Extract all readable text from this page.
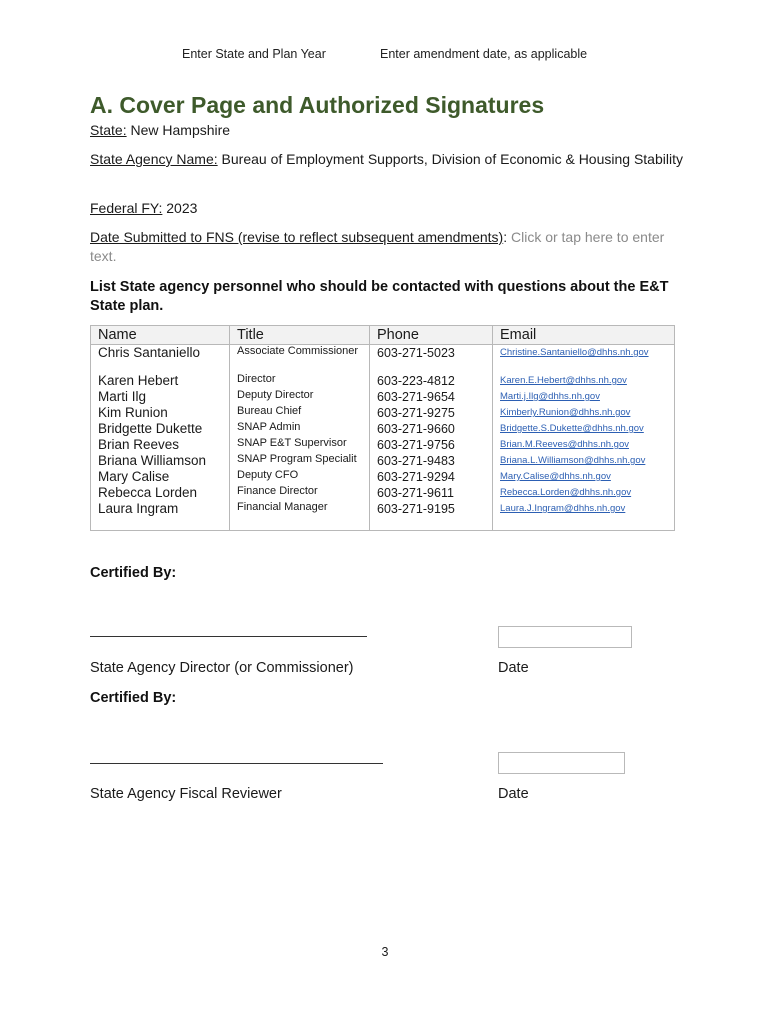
Enter State and Plan Year	Enter amendment date, as applicable
A. Cover Page and Authorized Signatures
State: New Hampshire
State Agency Name: Bureau of Employment Supports, Division of Economic & Housing Stability
Federal FY: 2023
Date Submitted to FNS (revise to reflect subsequent amendments): Click or tap here to enter text.
List State agency personnel who should be contacted with questions about the E&T State plan.
Name	Title	Phone	Email
Chris Santaniello	Associate Commissioner	603-271-5023	Christine.Santaniello@dhhs.nh.gov
Karen Hebert	Director	603-223-4812	Karen.E.Hebert@dhhs.nh.gov
Marti Ilg	Deputy Director	603-271-9654	Marti.j.Ilg@dhhs.nh.gov
Kim Runion	Bureau Chief	603-271-9275	Kimberly.Runion@dhhs.nh.gov
Bridgette Dukette	SNAP Admin	603-271-9660	Bridgette.S.Dukette@dhhs.nh.gov
Brian Reeves	SNAP E&T Supervisor	603-271-9756	Brian.M.Reeves@dhhs.nh.gov
Briana Williamson	SNAP Program Specialit	603-271-9483	Briana.L.Williamson@dhhs.nh.gov
Mary Calise	Deputy CFO	603-271-9294	Mary.Calise@dhhs.nh.gov
Rebecca Lorden	Finance Director	603-271-9611	Rebecca.Lorden@dhhs.nh.gov
Laura Ingram	Financial Manager	603-271-9195	Laura.J.Ingram@dhhs.nh.gov

Certified By:
State Agency Director (or Commissioner)	Date
Certified By:
State Agency Fiscal Reviewer	Date
3
